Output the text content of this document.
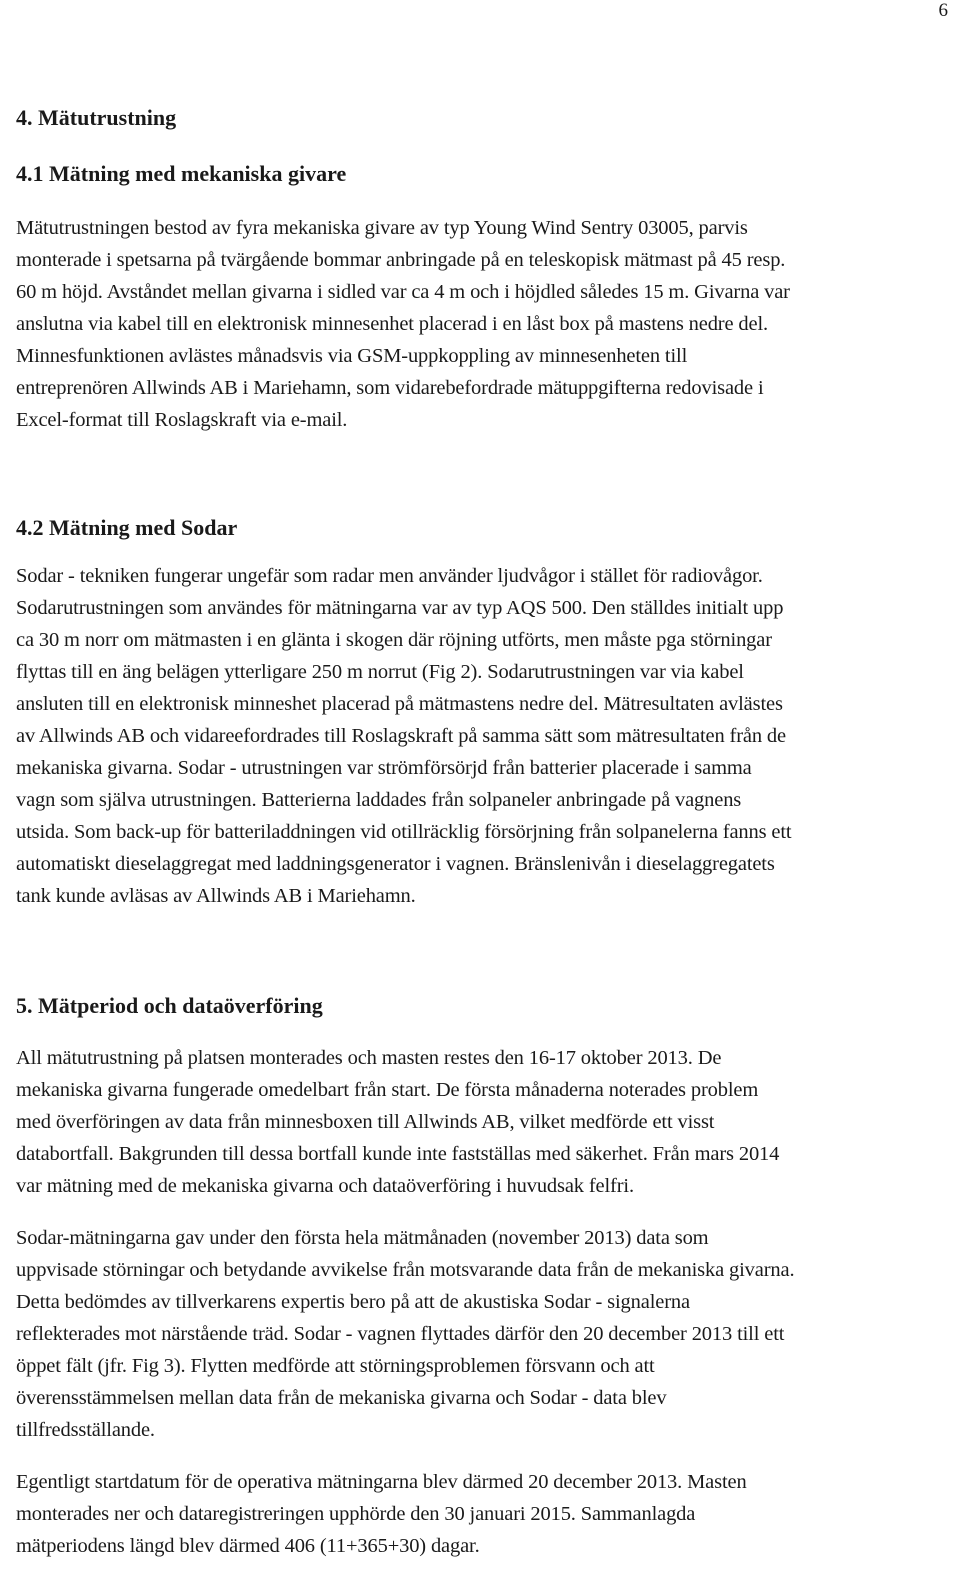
6
4. Mätutrustning
4.1 Mätning med mekaniska givare

Mätutrustningen bestod av fyra mekaniska givare av typ Young Wind Sentry 03005, parvis
monterade i spetsarna på tvärgående bommar anbringade på en teleskopisk mätmast på 45 resp.
60 m höjd. Avståndet mellan givarna i sidled var ca 4 m och i höjdled således 15 m. Givarna var
anslutna via kabel till en elektronisk minnesenhet placerad i en låst box på mastens nedre del.
Minnesfunktionen avlästes månadsvis via GSM-uppkoppling av minnesenheten till
entreprenören Allwinds AB i Mariehamn, som vidarebefordrade mätuppgifterna redovisade i
Excel-format till Roslagskraft via e-mail.

4.2 Mätning med Sodar

Sodar - tekniken fungerar ungefär som radar men använder ljudvågor i stället för radiovågor.
Sodarutrustningen som användes för mätningarna var av typ AQS 500. Den ställdes initialt upp
ca 30 m norr om mätmasten i en glänta i skogen där röjning utförts, men måste pga störningar
flyttas till en äng belägen ytterligare 250 m norrut (Fig 2). Sodarutrustningen var via kabel
ansluten till en elektronisk minneshet placerad på mätmastens nedre del. Mätresultaten avlästes
av Allwinds AB och vidareefordrades till Roslagskraft på samma sätt som mätresultaten från de
mekaniska givarna. Sodar - utrustningen var strömförsörjd från batterier placerade i samma
vagn som själva utrustningen. Batterierna laddades från solpaneler anbringade på vagnens
utsida. Som back-up för batteriladdningen vid otillräcklig försörjning från solpanelerna fanns ett
automatiskt dieselaggregat med laddningsgenerator i vagnen. Bränslenivån i dieselaggregatets
tank kunde avläsas av Allwinds AB i Mariehamn.

5. Mätperiod och dataöverföring

All mätutrustning på platsen monterades och masten restes den 16-17 oktober 2013. De
mekaniska givarna fungerade omedelbart från start. De första månaderna noterades problem
med överföringen av data från minnesboxen till Allwinds AB, vilket medförde ett visst
databortfall. Bakgrunden till dessa bortfall kunde inte fastställas med säkerhet. Från mars 2014
var mätning med de mekaniska givarna och dataöverföring i huvudsak felfri.

Sodar-mätningarna gav under den första hela mätmånaden (november 2013) data som
uppvisade störningar och betydande avvikelse från motsvarande data från de mekaniska givarna.
Detta bedömdes av tillverkarens expertis bero på att de akustiska Sodar - signalerna
reflekterades mot närstående träd. Sodar - vagnen flyttades därför den 20 december 2013 till ett
öppet fält (jfr. Fig 3). Flytten medförde att störningsproblemen försvann och att
överensstämmelsen mellan data från de mekaniska givarna och Sodar - data blev
tillfredsställande.

Egentligt startdatum för de operativa mätningarna blev därmed 20 december 2013. Masten
monterades ner och dataregistreringen upphörde den 30 januari 2015. Sammanlagda
mätperiodens längd blev därmed 406 (11+365+30) dagar.
